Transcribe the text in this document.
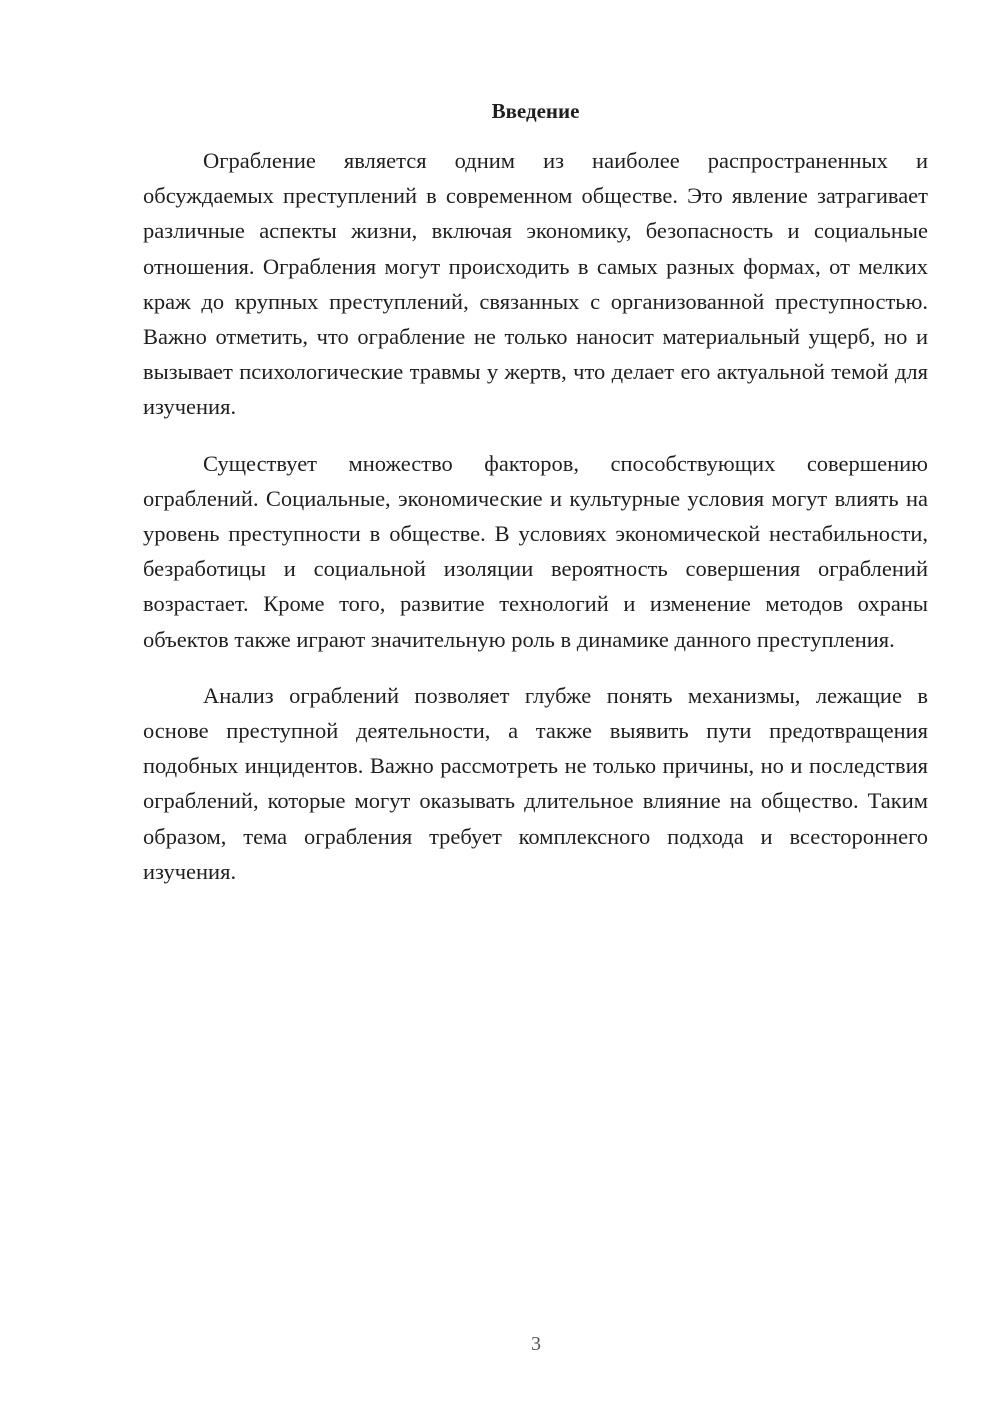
Введение

Ограбление является одним из наиболее распространенных и обсуждаемых преступлений в современном обществе. Это явление затрагивает различные аспекты жизни, включая экономику, безопасность и социальные отношения. Ограбления могут происходить в самых разных формах, от мелких краж до крупных преступлений, связанных с организованной преступностью. Важно отметить, что ограбление не только наносит материальный ущерб, но и вызывает психологические травмы у жертв, что делает его актуальной темой для изучения.

Существует множество факторов, способствующих совершению ограблений. Социальные, экономические и культурные условия могут влиять на уровень преступности в обществе. В условиях экономической нестабильности, безработицы и социальной изоляции вероятность совершения ограблений возрастает. Кроме того, развитие технологий и изменение методов охраны объектов также играют значительную роль в динамике данного преступления.

Анализ ограблений позволяет глубже понять механизмы, лежащие в основе преступной деятельности, а также выявить пути предотвращения подобных инцидентов. Важно рассмотреть не только причины, но и последствия ограблений, которые могут оказывать длительное влияние на общество. Таким образом, тема ограбления требует комплексного подхода и всестороннего изучения.

3
